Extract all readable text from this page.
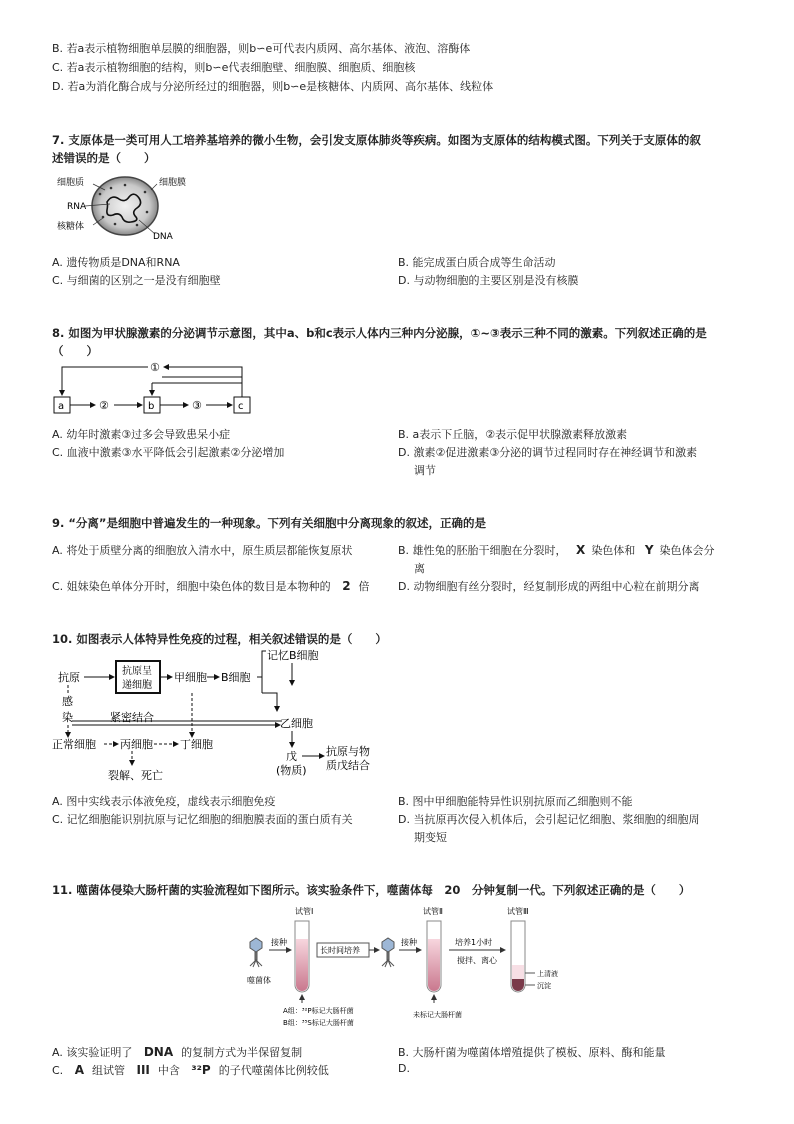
B. 若a表示植物细胞单层膜的细胞器，则b∽e可代表内质网、高尔基体、液泡、溶酶体
C. 若a表示植物细胞的结构，则b∽e代表细胞壁、细胞膜、细胞质、细胞核
D. 若a为消化酶合成与分泌所经过的细胞器，则b∽e是核糖体、内质网、高尔基体、线粒体
7. 支原体是一类可用人工培养基培养的微小生物，会引发支原体肺炎等疾病。如图为支原体的结构模式图。下列关于支原体的叙
述错误的是（　　）
细胞质	细胞膜
RNA
核糖体
DNA
A. 遗传物质是DNA和RNA	B. 能完成蛋白质合成等生命活动
C. 与细菌的区别之一是没有细胞壁	D. 与动物细胞的主要区别是没有核膜
8. 如图为甲状腺激素的分泌调节示意图，其中a、b和c表示人体内三种内分泌腺，①~③表示三种不同的激素。下列叙述正确的是
（　　）
a	b	c
②	③
①
A. 幼年时激素③过多会导致患呆小症	B. a表示下丘脑，②表示促甲状腺激素释放激素
C. 血液中激素③水平降低会引起激素②分泌增加	D. 激素②促进激素③分泌的调节过程同时存在神经调节和激素
调节
9. “分离”是细胞中普遍发生的一种现象。下列有关细胞中分离现象的叙述，正确的是
A. 将处于质壁分离的细胞放入清水中，原生质层都能恢复原状	B. 雄性兔的胚胎干细胞在分裂时， X 染色体和 Y 染色体会分
离
C. 姐妹染色单体分开时，细胞中染色体的数目是本物种的 2 倍	D. 动物细胞有丝分裂时，经复制形成的两组中心粒在前期分离
10. 如图表示人体特异性免疫的过程，相关叙述错误的是（　　）
抗原	抗原呈
递细胞
甲细胞 B细胞
记忆B细胞
乙细胞
感
染	紧密结合
戊
(物质)
抗原与物
质戊结合
正常细胞 丙细胞 丁细胞
裂解、死亡
A. 图中实线表示体液免疫，虚线表示细胞免疫	B. 图中甲细胞能特异性识别抗原而乙细胞则不能
C. 记忆细胞能识别抗原与记忆细胞的细胞膜表面的蛋白质有关	D. 当抗原再次侵入机体后，会引起记忆细胞、浆细胞的细胞周
期变短
11. 噬菌体侵染大肠杆菌的实验流程如下图所示。该实验条件下，噬菌体每　20　分钟复制一代。下列叙述正确的是（　　）
试管Ⅰ	试管Ⅱ	试管Ⅲ
噬菌体
接种
A组：³²P标记大肠杆菌
B组：³⁵S标记大肠杆菌
长时间培养
接种
未标记大肠杆菌
培养1小时
搅拌、离心
上清液
沉淀
A. 该实验证明了 DNA 的复制方式为半保留复制	B. 大肠杆菌为噬菌体增殖提供了模板、原料、酶和能量
C. A 组试管 III 中含 ³²P 的子代噬菌体比例较低	D.
